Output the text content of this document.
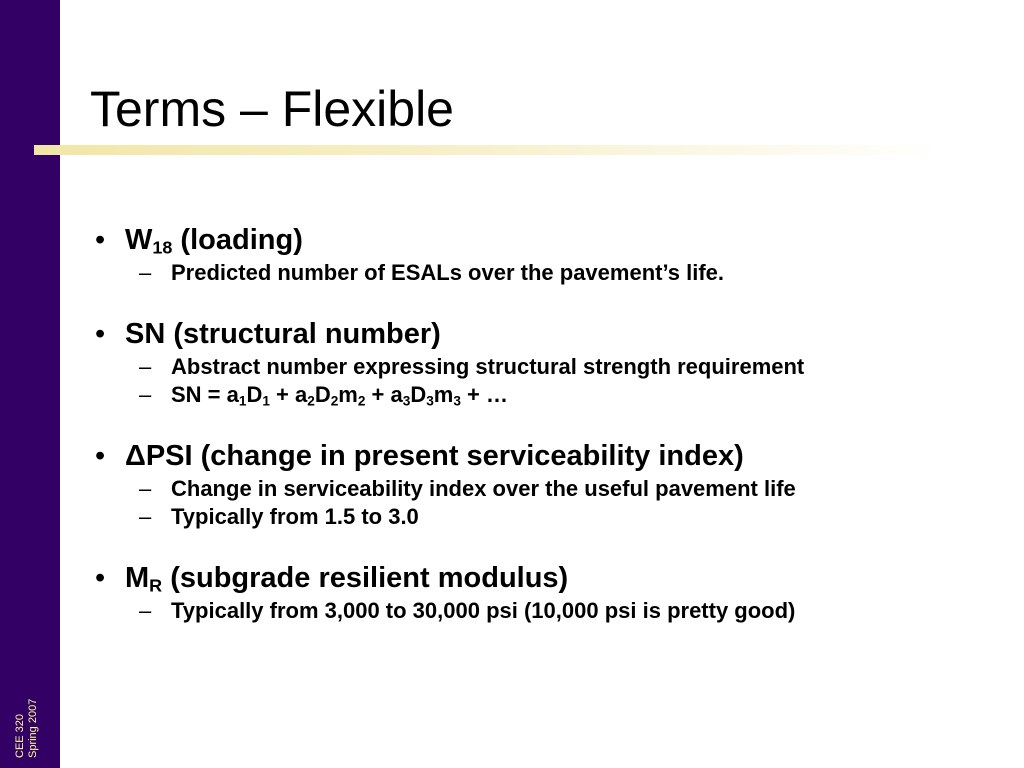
CEE 320 Spring 2007
Terms – Flexible
• $W_{18}$ (loading)
– Predicted number of ESALs over the pavement’s life.
• SN (structural number)
– Abstract number expressing structural strength requirement
– SN = $a_1D_1 + a_2D_2m_2 + a_3D_3m_3$ + …
• ΔPSI (change in present serviceability index)
– Change in serviceability index over the useful pavement life
– Typically from 1.5 to 3.0
• $M_R$ (subgrade resilient modulus)
– Typically from 3,000 to 30,000 psi (10,000 psi is pretty good)
